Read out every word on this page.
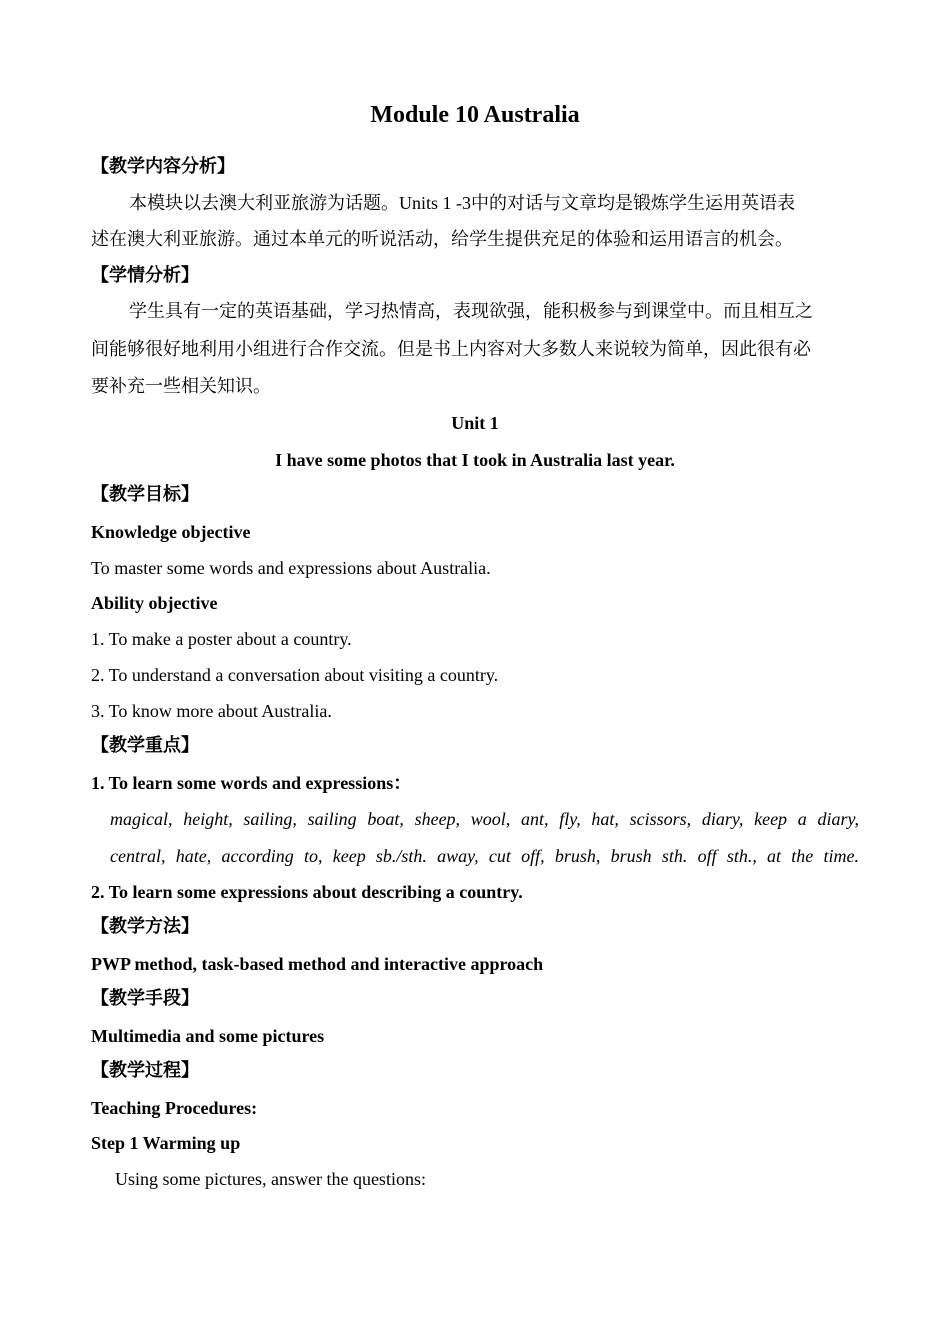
Module 10 Australia
【教学内容分析】
本模块以去澳大利亚旅游为话题。Units 1 -3中的对话与文章均是锻炼学生运用英语表
述在澳大利亚旅游。通过本单元的听说活动，给学生提供充足的体验和运用语言的机会。
【学情分析】
学生具有一定的英语基础，学习热情高，表现欲强，能积极参与到课堂中。而且相互之
间能够很好地利用小组进行合作交流。但是书上内容对大多数人来说较为简单，因此很有必
要补充一些相关知识。
Unit 1
I have some photos that I took in Australia last year.
【教学目标】
Knowledge objective
To master some words and expressions about Australia.
Ability objective
1. To make a poster about a country.
2. To understand a conversation about visiting a country.
3. To know more about Australia.
【教学重点】
1. To learn some words and expressions：
magical, height, sailing, sailing boat, sheep, wool, ant, fly, hat, scissors, diary, keep a diary,
central, hate, according to, keep sb./sth. away, cut off, brush, brush sth. off sth., at the time.
2. To learn some expressions about describing a country.
【教学方法】
PWP method, task-based method and interactive approach
【教学手段】
Multimedia and some pictures
【教学过程】
Teaching Procedures:
Step 1 Warming up
Using some pictures, answer the questions:
